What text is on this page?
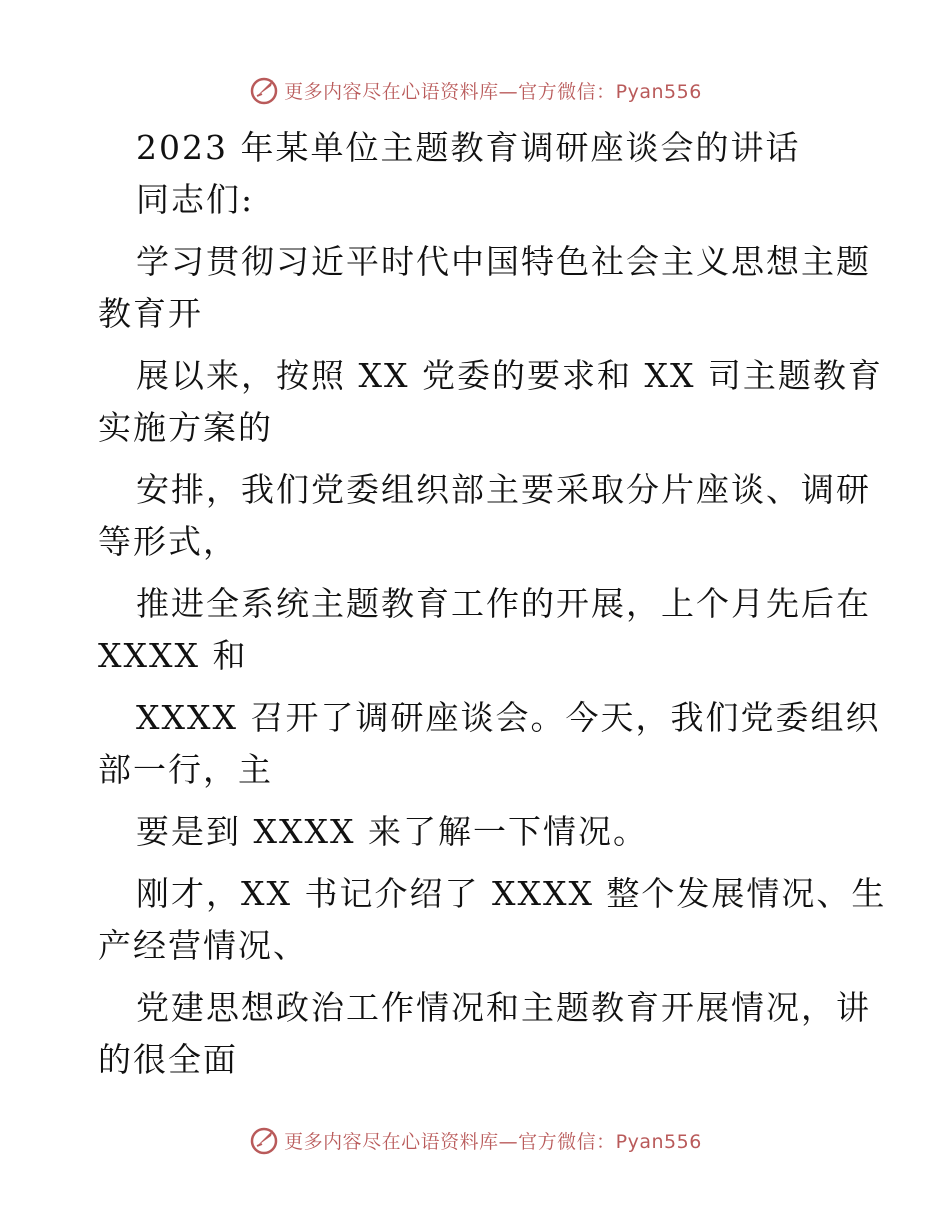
更多内容尽在心语资料库—官方微信：Pyan556
2023 年某单位主题教育调研座谈会的讲话
同志们:
学习贯彻习近平时代中国特色社会主义思想主题
教育开
展以来，按照 XX 党委的要求和 XX 司主题教育
实施方案的
安排，我们党委组织部主要采取分片座谈、调研
等形式，
推进全系统主题教育工作的开展，上个月先后在
XXXX 和
XXXX 召开了调研座谈会。今天，我们党委组织
部一行，主
要是到 XXXX 来了解一下情况。
刚才，XX 书记介绍了 XXXX 整个发展情况、生
产经营情况、
党建思想政治工作情况和主题教育开展情况，讲
的很全面
更多内容尽在心语资料库—官方微信：Pyan556
